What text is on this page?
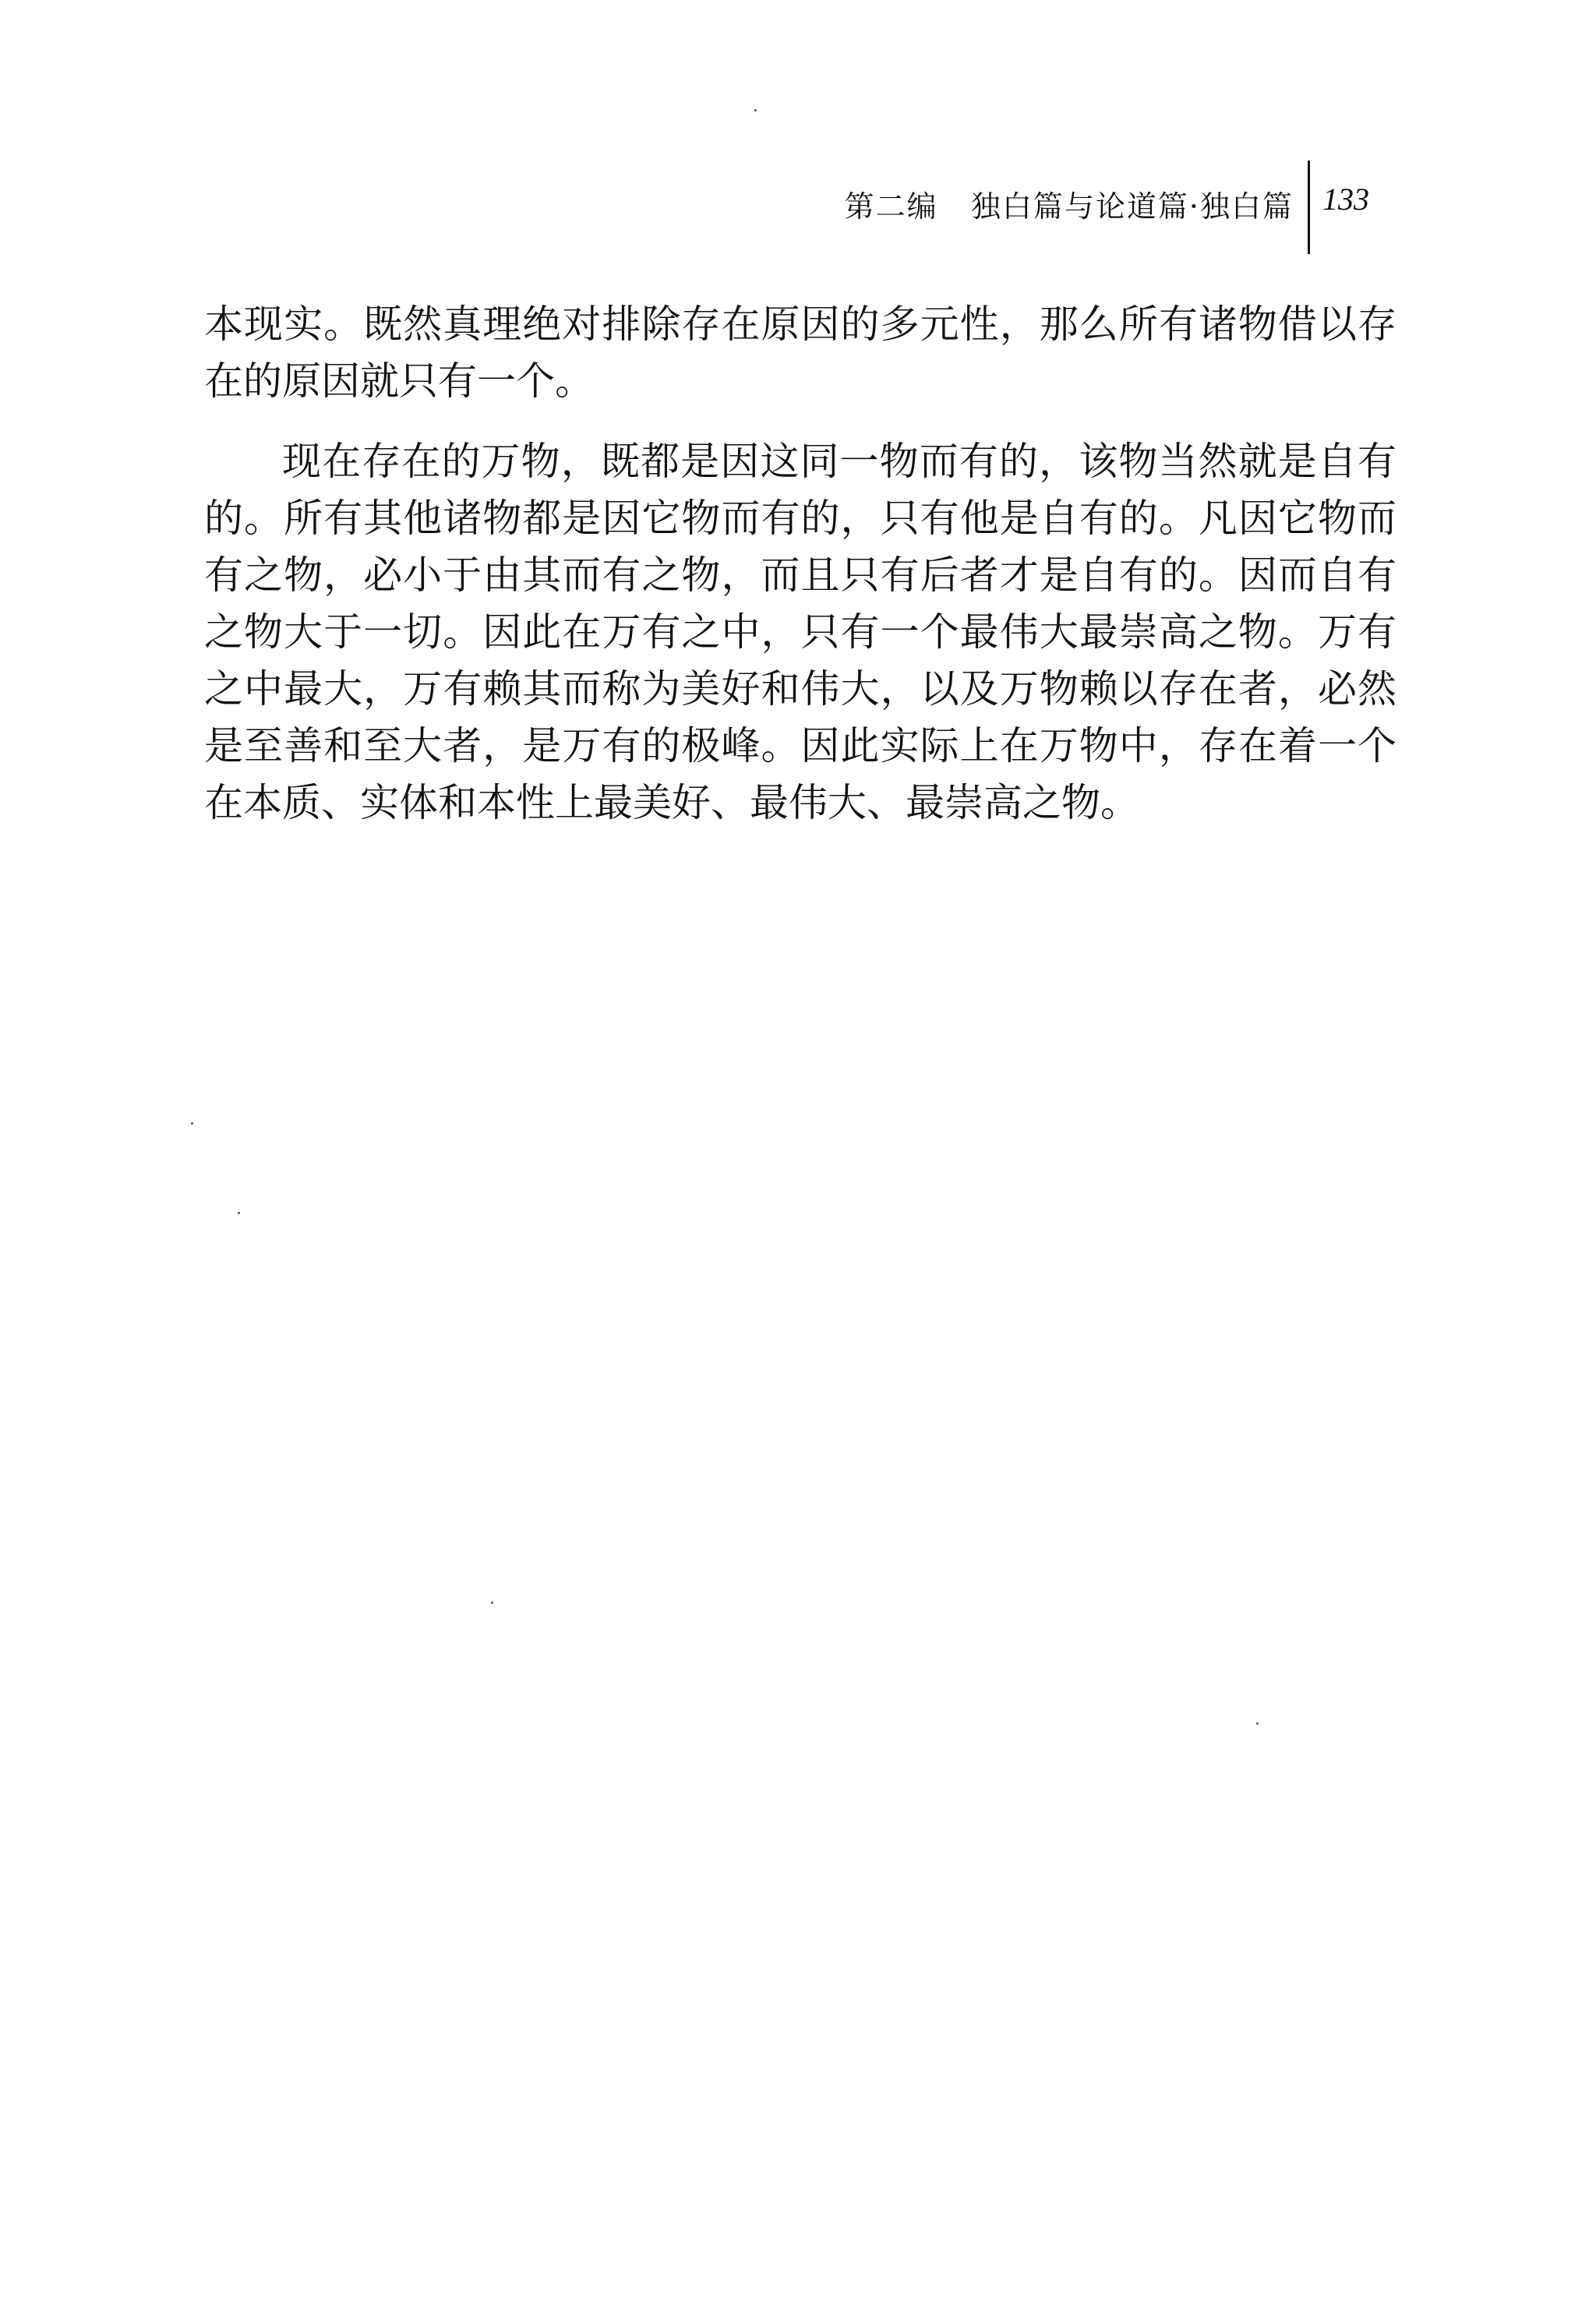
第二编   独白篇与论道篇·独白篇 133

本现实。既然真理绝对排除存在原因的多元性，那么所有诸物借以存在的原因就只有一个。

现在存在的万物，既都是因这同一物而有的，该物当然就是自有的。所有其他诸物都是因它物而有的，只有他是自有的。凡因它物而有之物，必小于由其而有之物，而且只有后者才是自有的。因而自有之物大于一切。因此在万有之中，只有一个最伟大最崇高之物。万有之中最大，万有赖其而称为美好和伟大，以及万物赖以存在者，必然是至善和至大者，是万有的极峰。因此实际上在万物中，存在着一个在本质、实体和本性上最美好、最伟大、最崇高之物。
